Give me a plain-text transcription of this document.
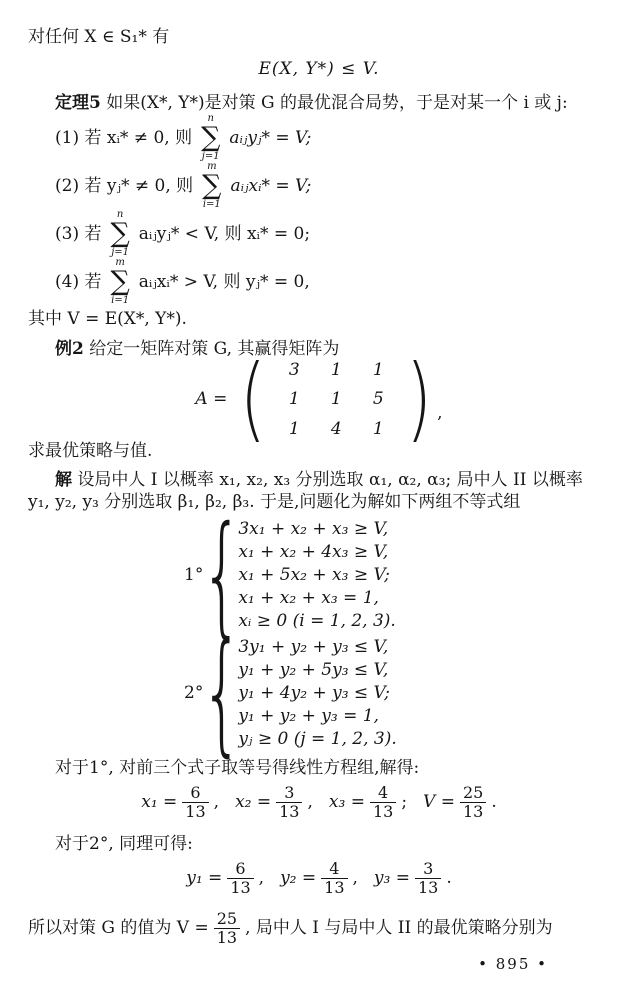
对任何 X ∈ S₁* 有
E(X, Y*) ≤ V.
定理5 如果(X*, Y*)是对策 G 的最优混合局势，于是对某一个 i 或 j:
(1) 若 xᵢ* ≠ 0, 则
n
∑
j=1
aᵢⱼyⱼ* = V;
(2) 若 yⱼ* ≠ 0, 则
m
∑
i=1
aᵢⱼxᵢ* = V;
(3) 若
n
∑
j=1
aᵢⱼyⱼ* < V, 则 xᵢ* = 0;
(4) 若
m
∑
i=1
aᵢⱼxᵢ* > V, 则 yⱼ* = 0,
其中 V = E(X*, Y*).
例2 给定一矩阵对策 G, 其赢得矩阵为
A = (	3	1	1
1	1	5
1	4	1 ) ,
求最优策略与值.
解 设局中人 I 以概率 x₁, x₂, x₃ 分别选取 α₁, α₂, α₃; 局中人 II 以概率
y₁, y₂, y₃ 分别选取 β₁, β₂, β₃. 于是,问题化为解如下两组不等式组
1°
{
3x₁ + x₂ + x₃ ≥ V,
x₁ + x₂ + 4x₃ ≥ V,
x₁ + 5x₂ + x₃ ≥ V;
x₁ + x₂ + x₃ = 1,
xᵢ ≥ 0 (i = 1, 2, 3).
2°
{
3y₁ + y₂ + y₃ ≤ V,
y₁ + y₂ + 5y₃ ≤ V,
y₁ + 4y₂ + y₃ ≤ V;
y₁ + y₂ + y₃ = 1,
yⱼ ≥ 0 (j = 1, 2, 3).
对于1°, 对前三个式子取等号得线性方程组,解得:
$x_1 = \frac{6}{13}$ , $x_2 = \frac{3}{13}$ , $x_3 = \frac{4}{13}$ ; $V = \frac{25}{13}$ .
对于2°, 同理可得:
$y_1 = \frac{6}{13}$ , $y_2 = \frac{4}{13}$ , $y_3 = \frac{3}{13}$ .
所以对策 G 的值为 $V = \frac{25}{13}$ , 局中人 I 与局中人 II 的最优策略分别为
• 895 •
